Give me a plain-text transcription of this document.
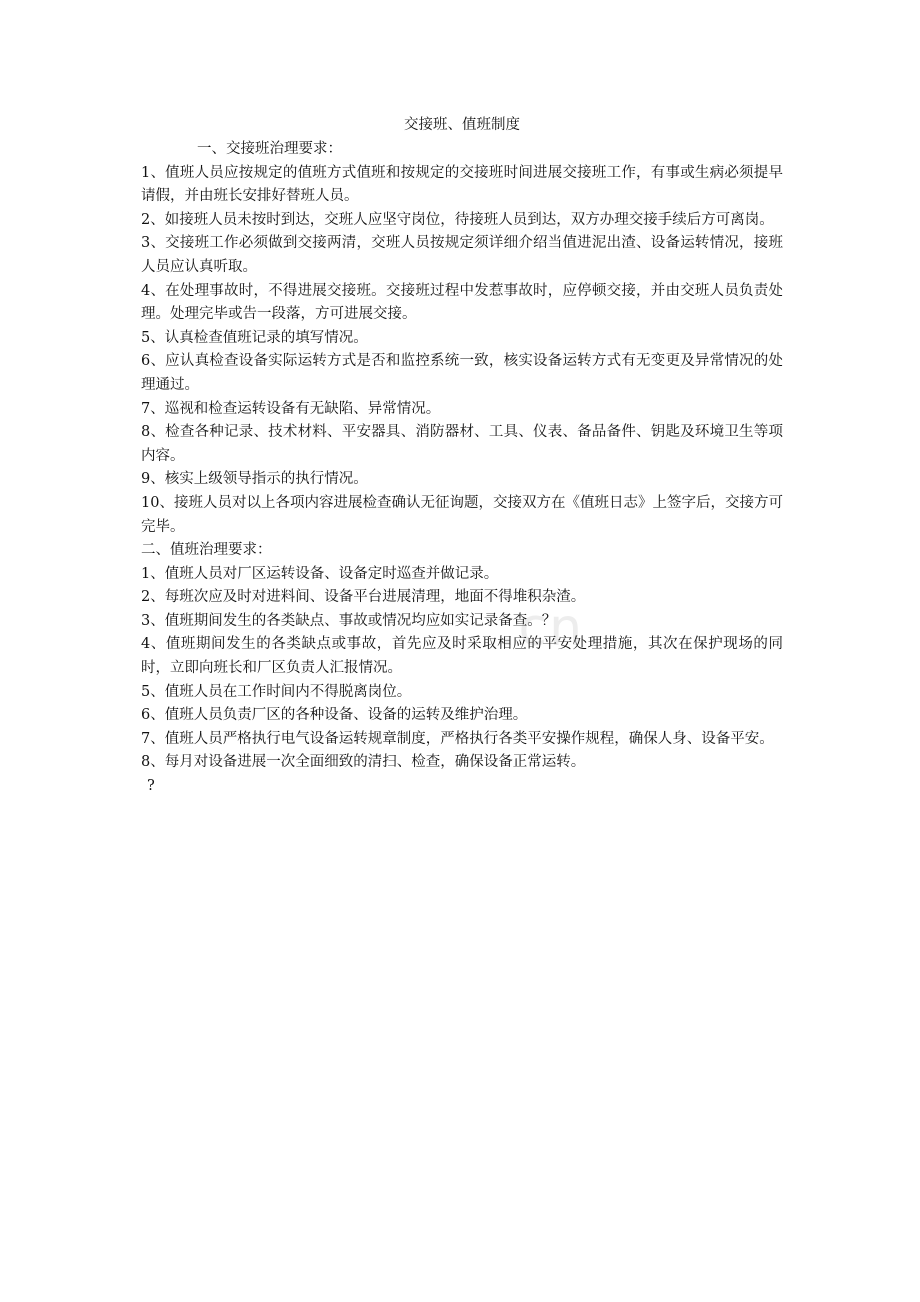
.cn

交接班、值班制度

一、交接班治理要求：

1、值班人员应按规定的值班方式值班和按规定的交接班时间进展交接班工作，有事或生病必须提早请假，并由班长安排好替班人员。

2、如接班人员未按时到达，交班人应坚守岗位，待接班人员到达，双方办理交接手续后方可离岗。

3、交接班工作必须做到交接两清，交班人员按规定须详细介绍当值进泥出渣、设备运转情况，接班人员应认真听取。

4、在处理事故时，不得进展交接班。交接班过程中发惹事故时，应停顿交接，并由交班人员负责处理。处理完毕或告一段落，方可进展交接。

5、认真检查值班记录的填写情况。

6、应认真检查设备实际运转方式是否和监控系统一致，核实设备运转方式有无变更及异常情况的处理通过。

7、巡视和检查运转设备有无缺陷、异常情况。

8、检查各种记录、技术材料、平安器具、消防器材、工具、仪表、备品备件、钥匙及环境卫生等项内容。

9、核实上级领导指示的执行情况。

10、接班人员对以上各项内容进展检查确认无征询题，交接双方在《值班日志》上签字后，交接方可完毕。

二、值班治理要求：

1、值班人员对厂区运转设备、设备定时巡查并做记录。

2、每班次应及时对进料间、设备平台进展清理，地面不得堆积杂渣。

3、值班期间发生的各类缺点、事故或情况均应如实记录备查。？

4、值班期间发生的各类缺点或事故，首先应及时采取相应的平安处理措施，其次在保护现场的同时，立即向班长和厂区负责人汇报情况。

5、值班人员在工作时间内不得脱离岗位。

6、值班人员负责厂区的各种设备、设备的运转及维护治理。

7、值班人员严格执行电气设备运转规章制度，严格执行各类平安操作规程，确保人身、设备平安。

8、每月对设备进展一次全面细致的清扫、检查，确保设备正常运转。

?
